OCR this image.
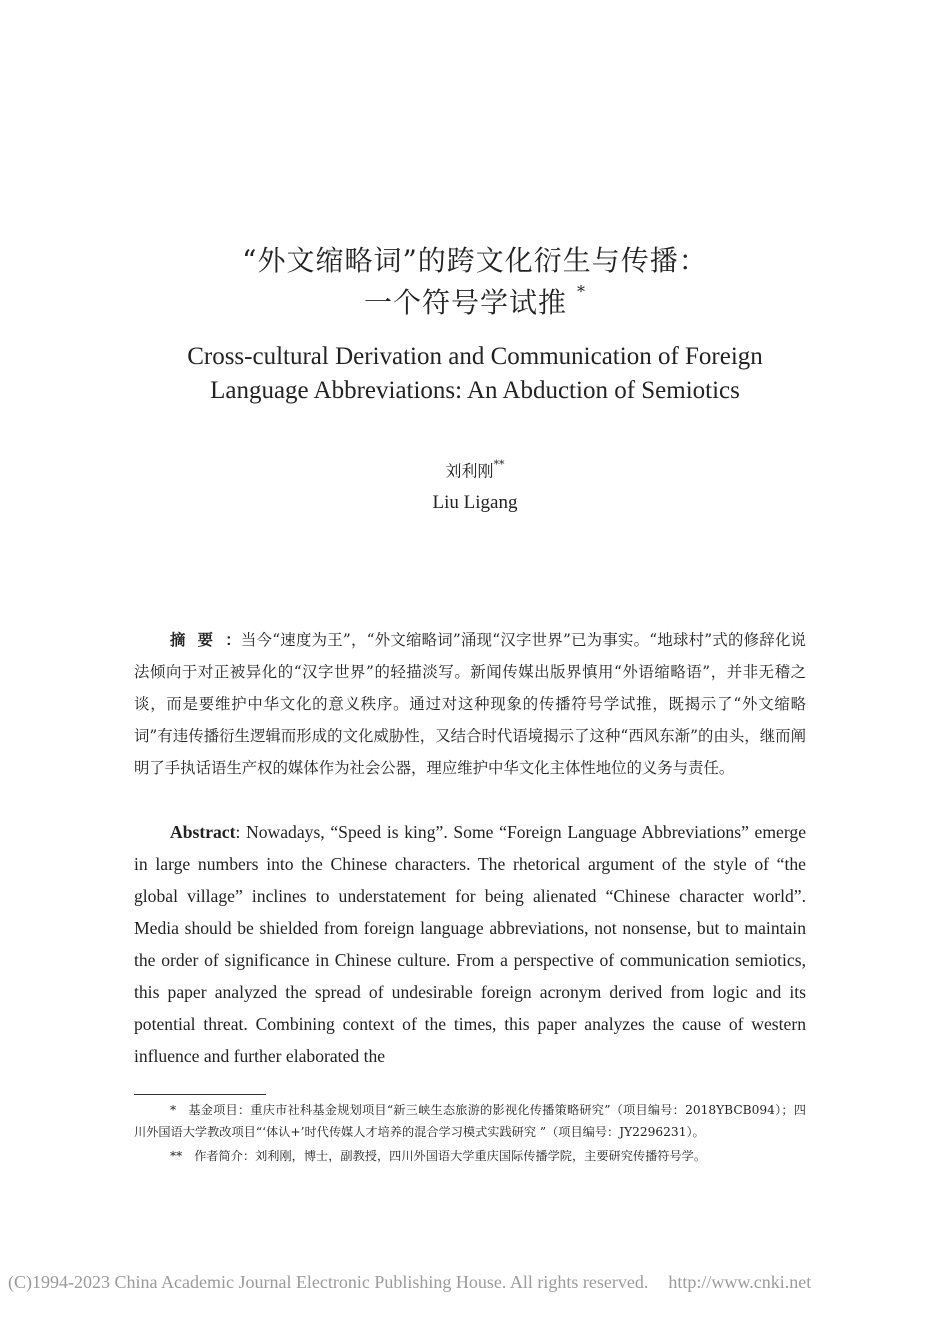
“外文缩略词”的跨文化衍生与传播：
一个符号学试推 *
Cross-cultural Derivation and Communication of Foreign
Language Abbreviations: An Abduction of Semiotics
刘利刚**
Liu Ligang
摘要：当今“速度为王”，“外文缩略词”涌现“汉字世界”已为事实。“地球村”式的修辞化说法倾向于对正被异化的“汉字世界”的轻描淡写。新闻传媒出版界慎用“外语缩略语”，并非无稽之谈，而是要维护中华文化的意义秩序。通过对这种现象的传播符号学试推，既揭示了“外文缩略词”有违传播衍生逻辑而形成的文化威胁性，又结合时代语境揭示了这种“西风东渐”的由头，继而阐明了手执话语生产权的媒体作为社会公器，理应维护中华文化主体性地位的义务与责任。
Abstract: Nowadays, “Speed is king”. Some “Foreign Language Abbreviations” emerge in large numbers into the Chinese characters. The rhetorical argument of the style of “the global village” inclines to understatement for being alienated “Chinese character world”. Media should be shielded from foreign language abbreviations, not nonsense, but to maintain the order of significance in Chinese culture. From a perspective of communication semiotics, this paper analyzed the spread of undesirable foreign acronym derived from logic and its potential threat. Combining context of the times, this paper analyzes the cause of western influence and further elaborated the

* 基金项目：重庆市社科基金规划项目“新三峡生态旅游的影视化传播策略研究”（项目编号：2018YBCB094）；四川外国语大学教改项目“‘体认+’时代传媒人才培养的混合学习模式实践研究 ”（项目编号：JY2296231）。

** 作者简介：刘利刚，博士，副教授，四川外国语大学重庆国际传播学院，主要研究传播符号学。

(C)1994-2023 China Academic Journal Electronic Publishing House. All rights reserved. http://www.cnki.net
